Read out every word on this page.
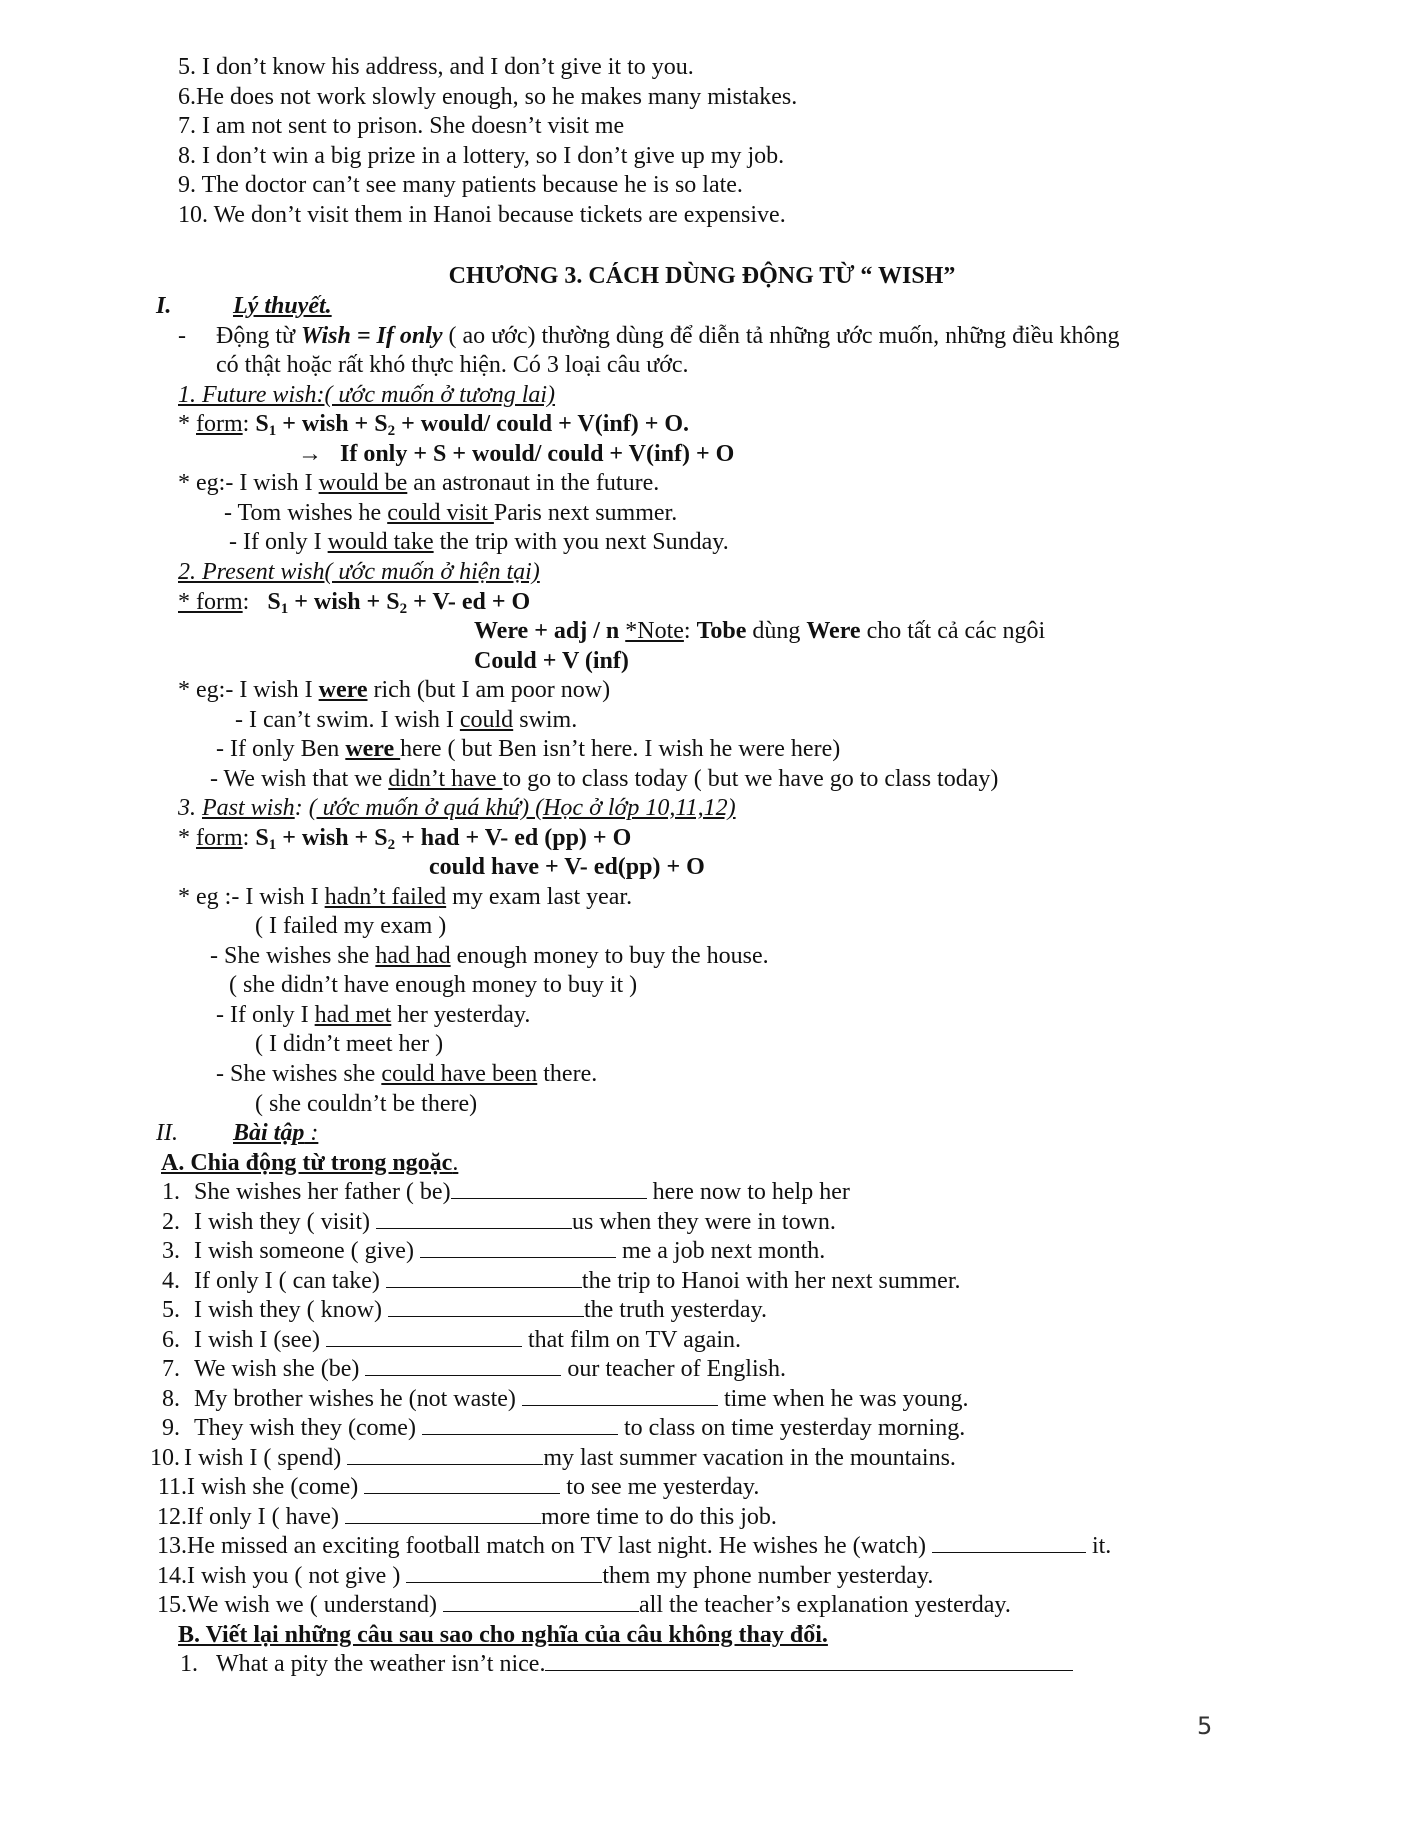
5. I don’t know his address, and I don’t give it to you.
6.He does not work slowly enough, so he makes many mistakes.
7. I am not sent to prison. She doesn’t visit me
8. I don’t win a big prize in a lottery, so I don’t give up my job.
9. The doctor can’t see many patients because he is so late.
10. We don’t visit them in Hanoi because tickets are expensive.
CHƯƠNG 3. CÁCH DÙNG ĐỘNG TỪ “ WISH”
I.	Lý thuyết.
- Động từ Wish = If only ( ao ước) thường dùng để diễn tả những ước muốn, những điều không
có thật hoặc rất khó thực hiện. Có 3 loại câu ước.
1. Future wish:( ước muốn ở tương lai)
* form: $S_1$ + wish + $S_2$ + would/ could + V(inf) + O.
→ If only + S + would/ could + V(inf) + O
* eg:- I wish I would be an astronaut in the future.
- Tom wishes he could visit Paris next summer.
- If only I would take the trip with you next Sunday.
2. Present wish( ước muốn ở hiện tại)
* form:   $S_1$ + wish + $S_2 + V-$ ed + O
Were + adj / n *Note: Tobe dùng Were cho tất cả các ngôi
Could + V (inf)
* eg:- I wish I were rich (but I am poor now)
- I can’t swim. I wish I could swim.
- If only Ben were here ( but Ben isn’t here. I wish he were here)
- We wish that we didn’t have to go to class today ( but we have go to class today)
3. Past wish: ( ước muốn ở quá khứ) (Học ở lớp 10,11,12)
* form: $S_1$ + wish + $S_2$ + had + V- ed (pp) + O
could have + V- ed(pp) + O
* eg :- I wish I hadn’t failed my exam last year.
( I failed my exam )
- She wishes she had had enough money to buy the house.
( she didn’t have enough money to buy it )
- If only I had met her yesterday.
( I didn’t meet her )
- She wishes she could have been there.
( she couldn’t be there)
II. Bài tập :
A. Chia động từ trong ngoặc.
1. She wishes her father ( be)	here now to help her
2. I wish they ( visit)	us when they were in town.
3. I wish someone ( give)	me a job next month.
4. If only I ( can take)	the trip to Hanoi with her next summer.
5. I wish they ( know)	the truth yesterday.
6. I wish I (see)	that film on TV again.
7. We wish she (be)	our teacher of English.
8. My brother wishes he (not waste)	time when he was young.
9. They wish they (come)	to class on time yesterday morning.
10. I wish I ( spend)	my last summer vacation in the mountains.
11.I wish she (come)	to see me yesterday.
12.If only I ( have)	more time to do this job.
13.He missed an exciting football match on TV last night. He wishes he (watch)	it.
14.I wish you ( not give )	them my phone number yesterday.
15.We wish we ( understand)	all the teacher’s explanation yesterday.
B. Viết lại những câu sau sao cho nghĩa của câu không thay đổi.
1. What a pity the weather isn’t nice.
5
